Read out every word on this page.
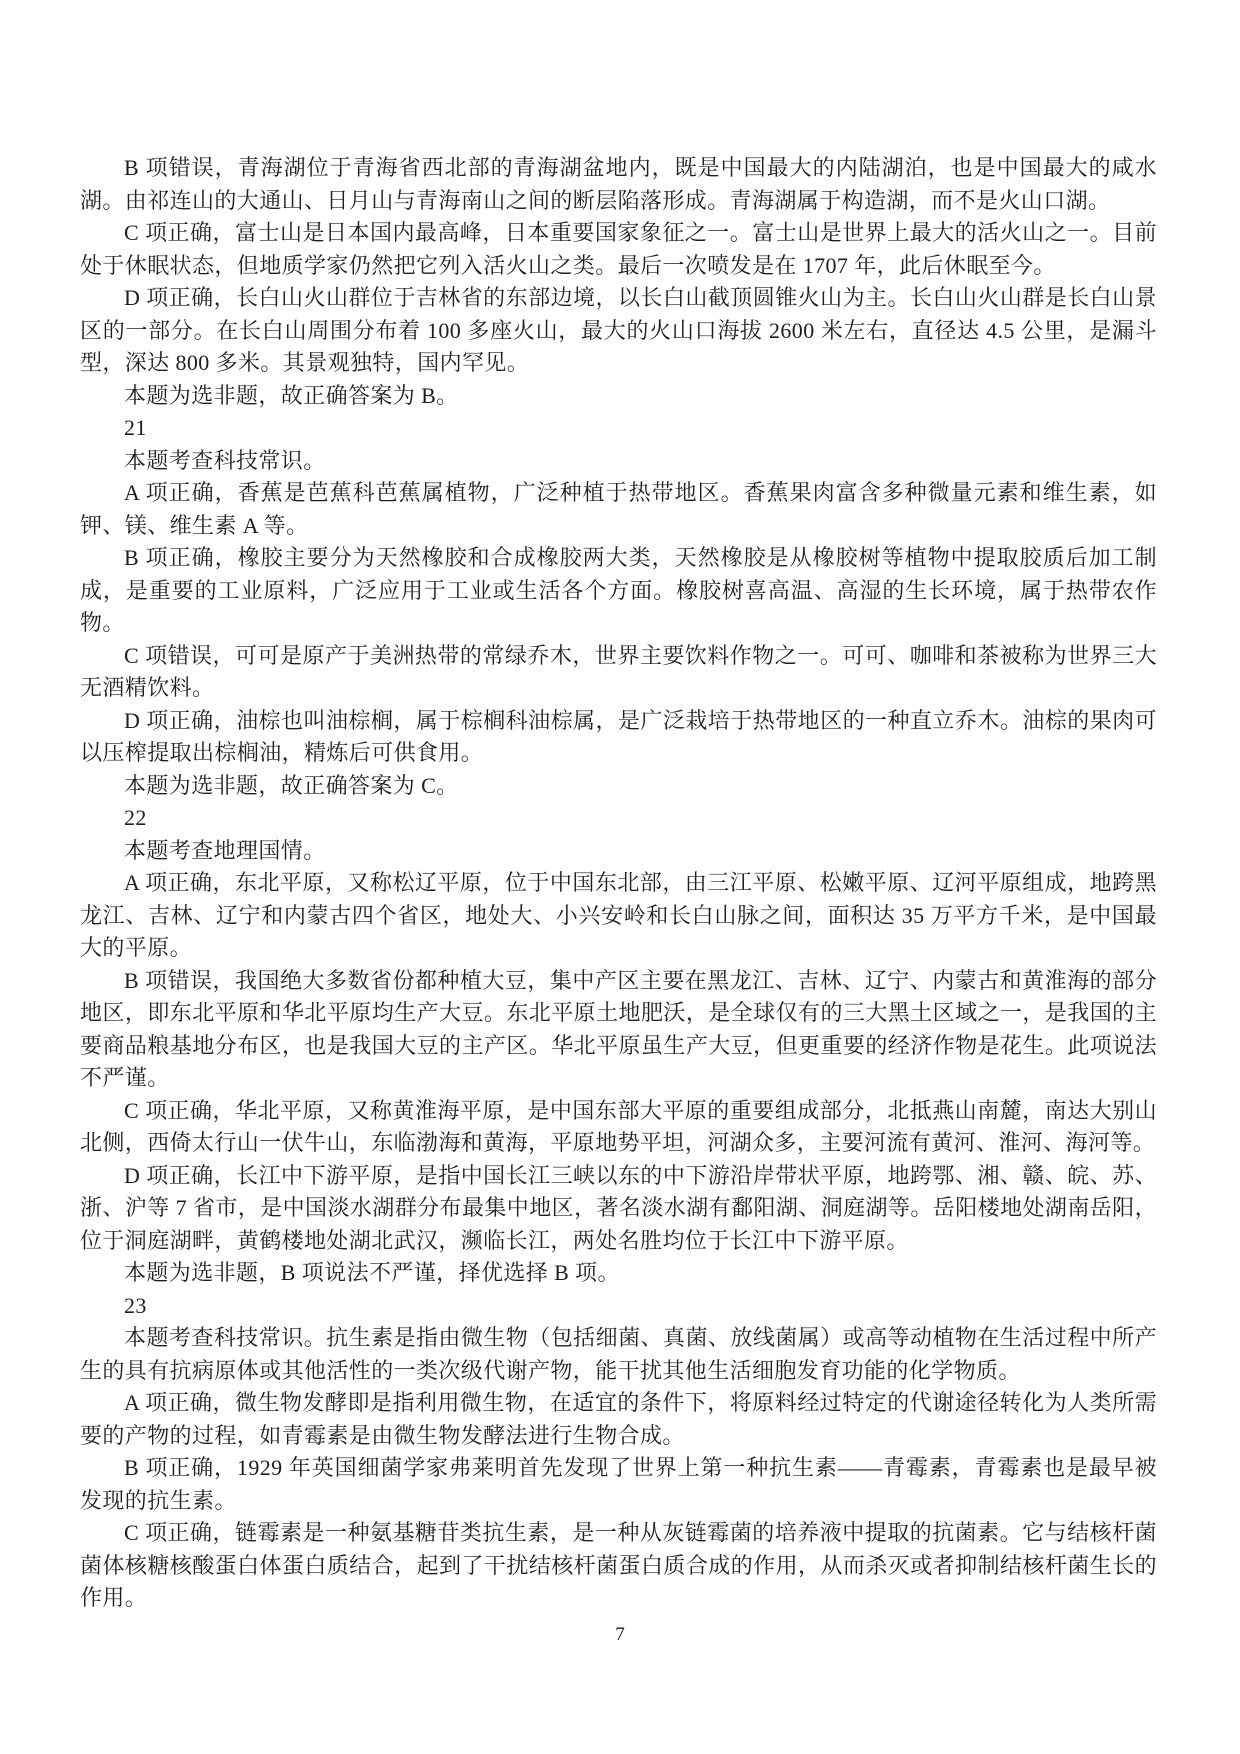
B 项错误，青海湖位于青海省西北部的青海湖盆地内，既是中国最大的内陆湖泊，也是中国最大的咸水湖。由祁连山的大通山、日月山与青海南山之间的断层陷落形成。青海湖属于构造湖，而不是火山口湖。

C 项正确，富士山是日本国内最高峰，日本重要国家象征之一。富士山是世界上最大的活火山之一。目前处于休眠状态，但地质学家仍然把它列入活火山之类。最后一次喷发是在 1707 年，此后休眠至今。

D 项正确，长白山火山群位于吉林省的东部边境，以长白山截顶圆锥火山为主。长白山火山群是长白山景区的一部分。在长白山周围分布着 100 多座火山，最大的火山口海拔 2600 米左右，直径达 4.5 公里，是漏斗型，深达 800 多米。其景观独特，国内罕见。

本题为选非题，故正确答案为 B。

21

本题考查科技常识。

A 项正确，香蕉是芭蕉科芭蕉属植物，广泛种植于热带地区。香蕉果肉富含多种微量元素和维生素，如钾、镁、维生素 A 等。

B 项正确，橡胶主要分为天然橡胶和合成橡胶两大类，天然橡胶是从橡胶树等植物中提取胶质后加工制成，是重要的工业原料，广泛应用于工业或生活各个方面。橡胶树喜高温、高湿的生长环境，属于热带农作物。

C 项错误，可可是原产于美洲热带的常绿乔木，世界主要饮料作物之一。可可、咖啡和茶被称为世界三大无酒精饮料。

D 项正确，油棕也叫油棕榈，属于棕榈科油棕属，是广泛栽培于热带地区的一种直立乔木。油棕的果肉可以压榨提取出棕榈油，精炼后可供食用。

本题为选非题，故正确答案为 C。

22

本题考查地理国情。

A 项正确，东北平原，又称松辽平原，位于中国东北部，由三江平原、松嫩平原、辽河平原组成，地跨黑龙江、吉林、辽宁和内蒙古四个省区，地处大、小兴安岭和长白山脉之间，面积达 35 万平方千米，是中国最大的平原。

B 项错误，我国绝大多数省份都种植大豆，集中产区主要在黑龙江、吉林、辽宁、内蒙古和黄淮海的部分地区，即东北平原和华北平原均生产大豆。东北平原土地肥沃，是全球仅有的三大黑土区域之一，是我国的主要商品粮基地分布区，也是我国大豆的主产区。华北平原虽生产大豆，但更重要的经济作物是花生。此项说法不严谨。

C 项正确，华北平原，又称黄淮海平原，是中国东部大平原的重要组成部分，北抵燕山南麓，南达大别山北侧，西倚太行山一伏牛山，东临渤海和黄海，平原地势平坦，河湖众多，主要河流有黄河、淮河、海河等。

D 项正确，长江中下游平原，是指中国长江三峡以东的中下游沿岸带状平原，地跨鄂、湘、赣、皖、苏、浙、沪等 7 省市，是中国淡水湖群分布最集中地区，著名淡水湖有鄱阳湖、洞庭湖等。岳阳楼地处湖南岳阳，位于洞庭湖畔，黄鹤楼地处湖北武汉，濒临长江，两处名胜均位于长江中下游平原。

本题为选非题，B 项说法不严谨，择优选择 B 项。

23

本题考查科技常识。抗生素是指由微生物（包括细菌、真菌、放线菌属）或高等动植物在生活过程中所产生的具有抗病原体或其他活性的一类次级代谢产物，能干扰其他生活细胞发育功能的化学物质。

A 项正确，微生物发酵即是指利用微生物，在适宜的条件下，将原料经过特定的代谢途径转化为人类所需要的产物的过程，如青霉素是由微生物发酵法进行生物合成。

B 项正确，1929 年英国细菌学家弗莱明首先发现了世界上第一种抗生素——青霉素，青霉素也是最早被发现的抗生素。

C 项正确，链霉素是一种氨基糖苷类抗生素，是一种从灰链霉菌的培养液中提取的抗菌素。它与结核杆菌菌体核糖核酸蛋白体蛋白质结合，起到了干扰结核杆菌蛋白质合成的作用，从而杀灭或者抑制结核杆菌生长的作用。

7
